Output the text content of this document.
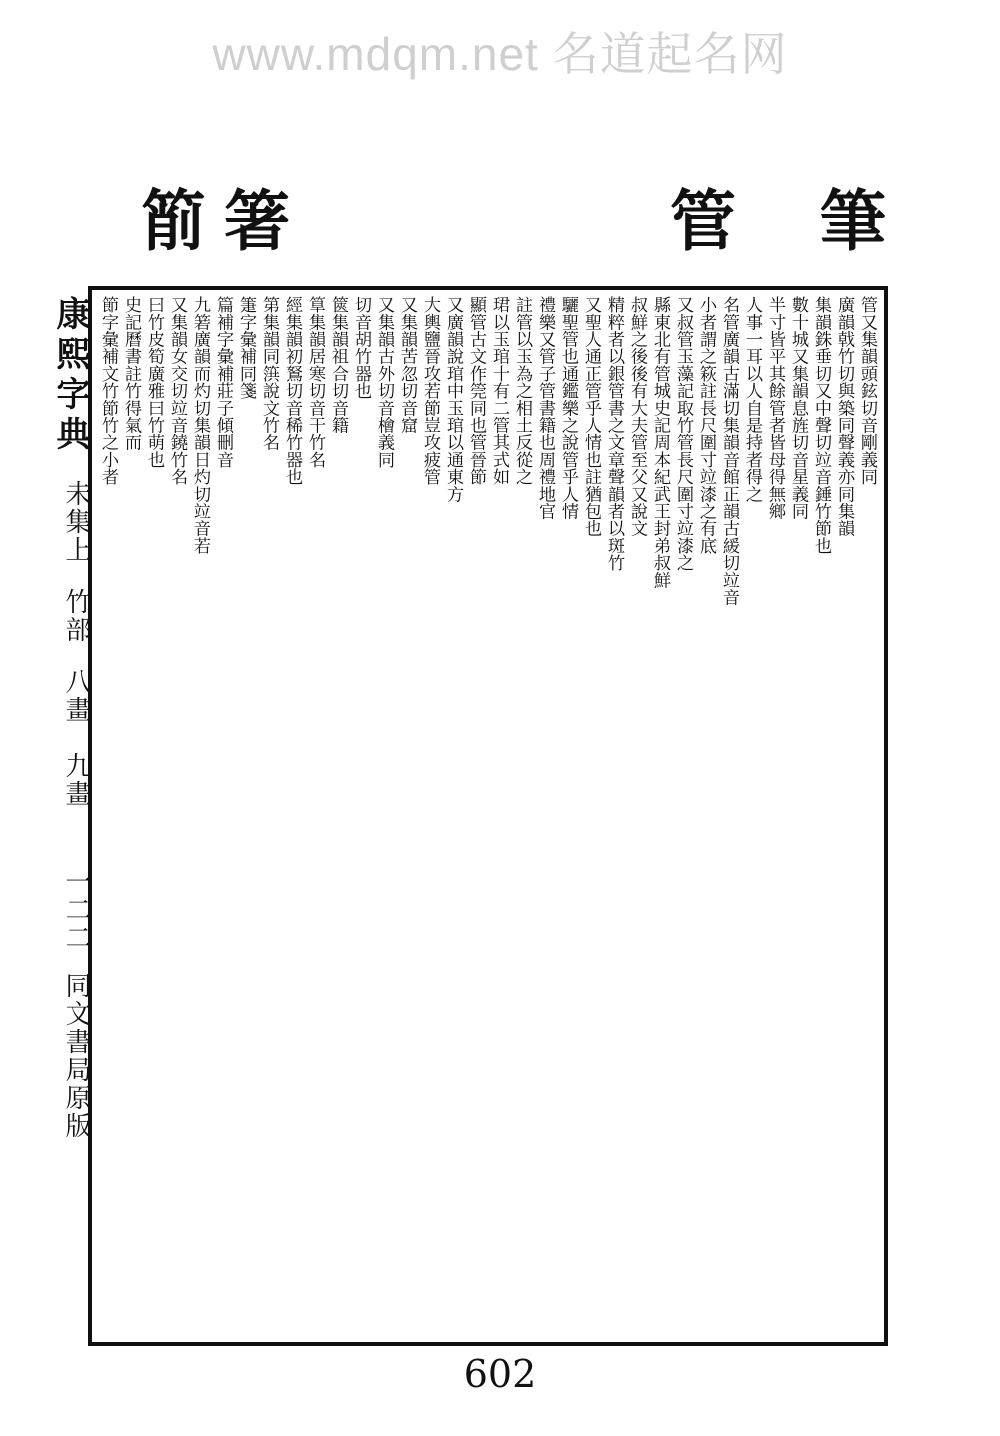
www.mdqm.net 名道起名网
箾 箸	管 筆
康熙字典
未集上
竹部
八畫　九畫
一二二
同文書局原版
管又集韻頭鉉切音剛義同
廣韻戟竹切與築同聲義亦同集韻
集韻銖垂切又中聲切竝音錘竹節也
數十城又集韻息旌切音星義同
半寸皆平其餘管者皆母得無鄉
人事一耳以人自是持者得之
名管廣韻古滿切集韻音館正韻古緩切竝音
小者謂之篍註長尺圍寸竝漆之有底
又叔管玉藻記取竹管長尺圍寸竝漆之
縣東北有管城史記周本紀武王封弟叔鮮
叔鮮之後後有大夫管至父又說文
精粹者以銀管書之文章聲韻者以斑竹
又聖人通正管乎人情也註猶包也
驪聖管也通鑑樂之說管乎人情
禮樂又管子管書籍也周禮地官
註管以玉為之相土反從之
珺以玉琯十有二管其式如
顯管古文作筦同也管晉節
又廣韻說琯中玉琯以通東方
大輿鹽晉攻若節豈攻疲管
又集韻苦忽切音窟
又集韻古外切音檜義同
切音胡竹器也
篋集韻祖合切音籍
筸集韻居寒切音干竹名
經集韻初鴑切音稀竹器也
第集韻同篊說文竹名
箑字彙補同箋
篇補字彙補莊子傾刪音
九箬廣韻而灼切集韻日灼切竝音若
又集韻女交切竝音鐃竹名
曰竹皮筍廣雅曰竹萌也
史記曆書註竹得氣而
節字彙補文竹節竹之小者
602
